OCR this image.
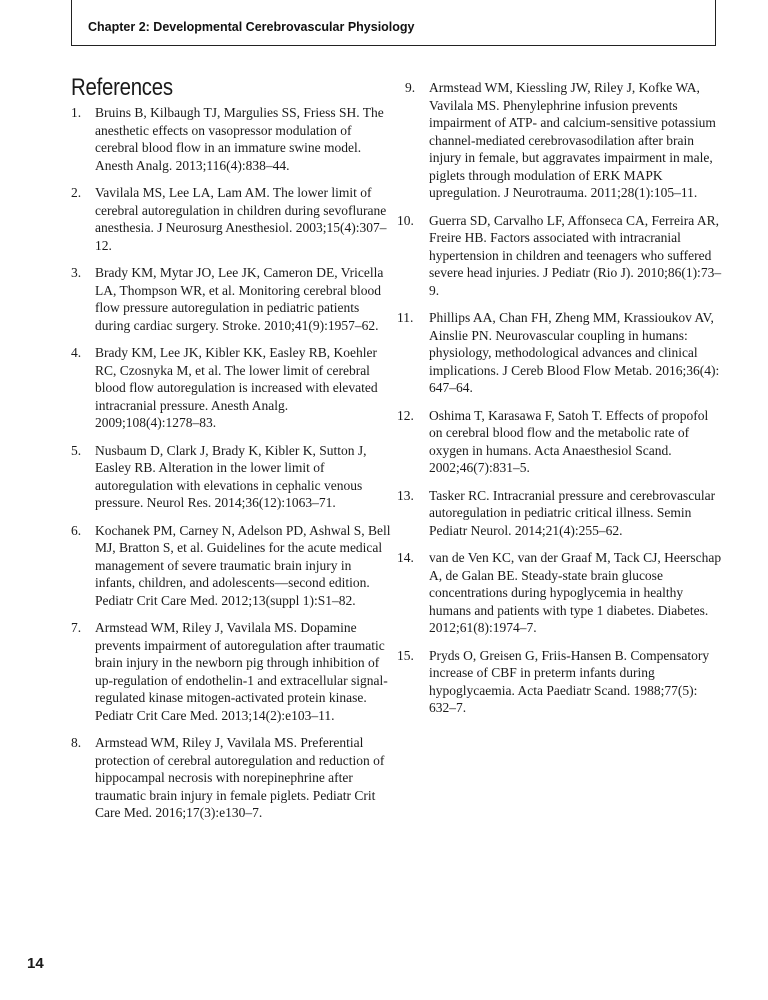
Chapter 2: Developmental Cerebrovascular Physiology
References

1.	Bruins B, Kilbaugh TJ, Margulies SS, Friess SH. The anesthetic effects on vasopressor modulation of cerebral blood flow in an immature swine model. Anesth Analg. 2013;116(4):838–44.

2.	Vavilala MS, Lee LA, Lam AM. The lower limit of cerebral autoregulation in children during sevoflurane anesthesia. J Neurosurg Anesthesiol. 2003;15(4):307–12.

3.	Brady KM, Mytar JO, Lee JK, Cameron DE, Vricella LA, Thompson WR, et al. Monitoring cerebral blood flow pressure autoregulation in pediatric patients during cardiac surgery. Stroke. 2010;41(9):1957–62.

4.	Brady KM, Lee JK, Kibler KK, Easley RB, Koehler RC, Czosnyka M, et al. The lower limit of cerebral blood flow autoregulation is increased with elevated intracranial pressure. Anesth Analg. 2009;108(4):1278–83.

5.	Nusbaum D, Clark J, Brady K, Kibler K, Sutton J, Easley RB. Alteration in the lower limit of autoregulation with elevations in cephalic venous pressure. Neurol Res. 2014;36(12):1063–71.

6.	Kochanek PM, Carney N, Adelson PD, Ashwal S, Bell MJ, Bratton S, et al. Guidelines for the acute medical management of severe traumatic brain injury in infants, children, and adolescents—second edition. Pediatr Crit Care Med. 2012;13(suppl 1):S1–82.

7.	Armstead WM, Riley J, Vavilala MS. Dopamine prevents impairment of autoregulation after traumatic brain injury in the newborn pig through inhibition of up-regulation of endothelin-1 and extracellular signal-regulated kinase mitogen-activated protein kinase. Pediatr Crit Care Med. 2013;14(2):e103–11.

8.	Armstead WM, Riley J, Vavilala MS. Preferential protection of cerebral autoregulation and reduction of hippocampal necrosis with norepinephrine after traumatic brain injury in female piglets. Pediatr Crit Care Med. 2016;17(3):e130–7.

9.	Armstead WM, Kiessling JW, Riley J, Kofke WA, Vavilala MS. Phenylephrine infusion prevents impairment of ATP- and calcium-sensitive potassium channel-mediated cerebrovasodilation after brain injury in female, but aggravates impairment in male, piglets through modulation of ERK MAPK upregulation. J Neurotrauma. 2011;28(1):105–11.

10.	Guerra SD, Carvalho LF, Affonseca CA, Ferreira AR, Freire HB. Factors associated with intracranial hypertension in children and teenagers who suffered severe head injuries. J Pediatr (Rio J). 2010;86(1):73–9.

11.	Phillips AA, Chan FH, Zheng MM, Krassioukov AV, Ainslie PN. Neurovascular coupling in humans: physiology, methodological advances and clinical implications. J Cereb Blood Flow Metab. 2016;36(4): 647–64.

12.	Oshima T, Karasawa F, Satoh T. Effects of propofol on cerebral blood flow and the metabolic rate of oxygen in humans. Acta Anaesthesiol Scand. 2002;46(7):831–5.

13.	Tasker RC. Intracranial pressure and cerebrovascular autoregulation in pediatric critical illness. Semin Pediatr Neurol. 2014;21(4):255–62.

14.	van de Ven KC, van der Graaf M, Tack CJ, Heerschap A, de Galan BE. Steady-state brain glucose concentrations during hypoglycemia in healthy humans and patients with type 1 diabetes. Diabetes. 2012;61(8):1974–7.

15.	Pryds O, Greisen G, Friis-Hansen B. Compensatory increase of CBF in preterm infants during hypoglycaemia. Acta Paediatr Scand. 1988;77(5): 632–7.

14
